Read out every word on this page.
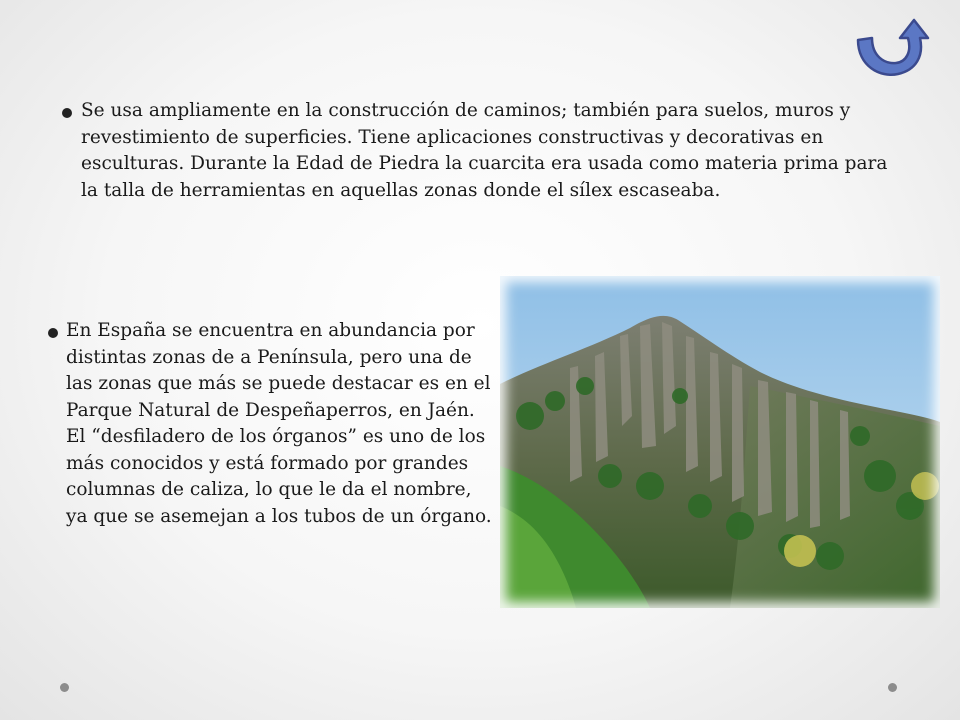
Se usa ampliamente en la construcción de caminos; también para suelos, muros y revestimiento de superficies. Tiene aplicaciones constructivas y decorativas en esculturas. Durante la Edad de Piedra la cuarcita era usada como materia prima para la talla de herramientas en aquellas zonas donde el sílex escaseaba.
En España se encuentra en abundancia por distintas zonas de a Península, pero una de las zonas que más se puede destacar es en el Parque Natural de Despeñaperros, en Jaén. El “desfiladero de los órganos” es uno de los más conocidos y está formado por grandes columnas de caliza, lo que le da el nombre, ya que se asemejan a los tubos de un órgano.
